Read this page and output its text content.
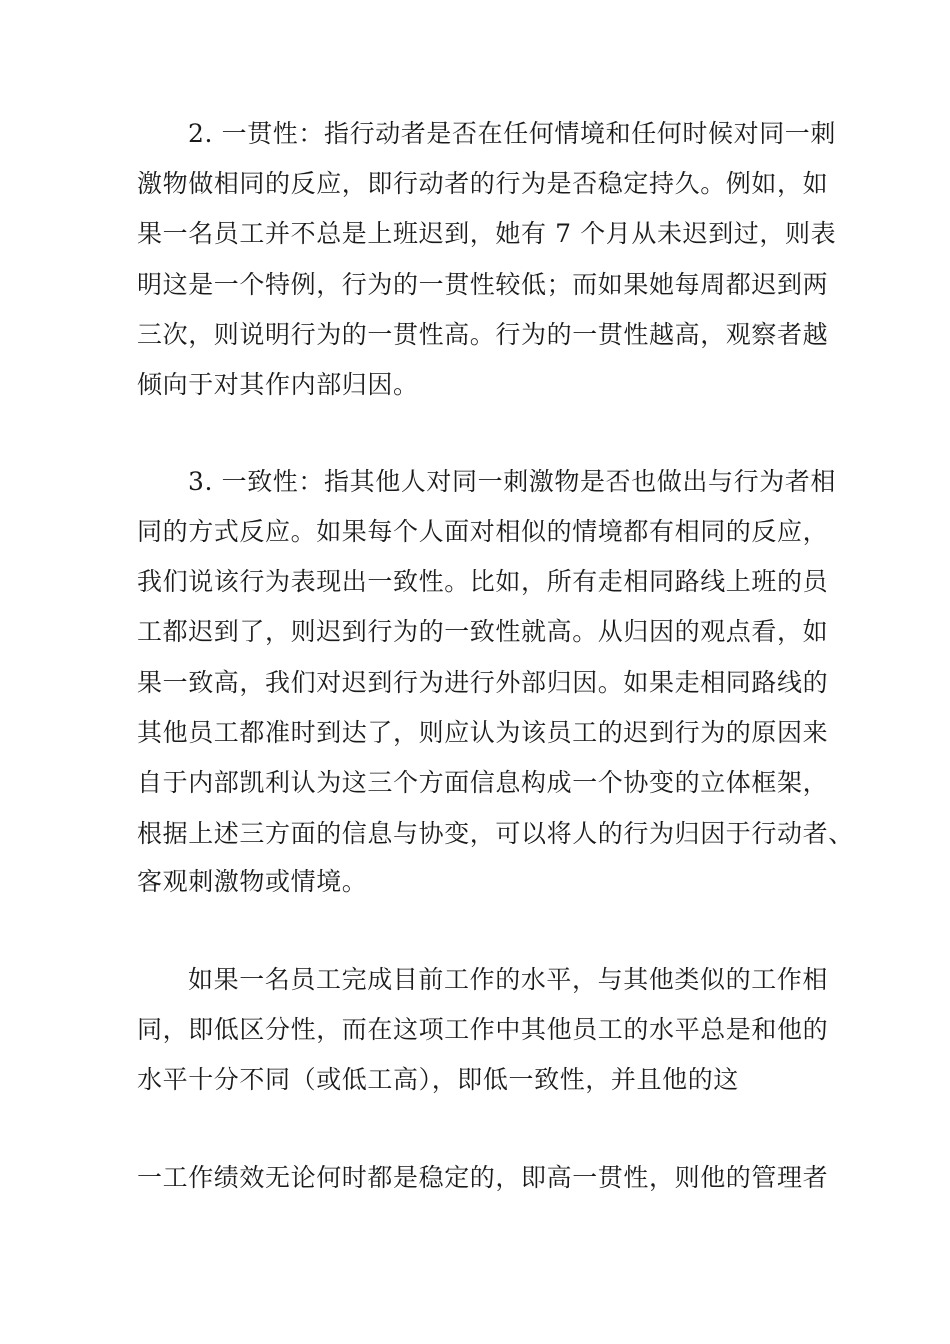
2. 一贯性：指行动者是否在任何情境和任何时候对同一刺
激物做相同的反应，即行动者的行为是否稳定持久。例如，如
果一名员工并不总是上班迟到，她有 7 个月从未迟到过，则表
明这是一个特例，行为的一贯性较低；而如果她每周都迟到两
三次，则说明行为的一贯性高。行为的一贯性越高，观察者越
倾向于对其作内部归因。
3. 一致性：指其他人对同一刺激物是否也做出与行为者相
同的方式反应。如果每个人面对相似的情境都有相同的反应，
我们说该行为表现出一致性。比如，所有走相同路线上班的员
工都迟到了，则迟到行为的一致性就高。从归因的观点看，如
果一致高，我们对迟到行为进行外部归因。如果走相同路线的
其他员工都准时到达了，则应认为该员工的迟到行为的原因来
自于内部凯利认为这三个方面信息构成一个协变的立体框架，
根据上述三方面的信息与协变，可以将人的行为归因于行动者、
客观刺激物或情境。
如果一名员工完成目前工作的水平，与其他类似的工作相
同，即低区分性，而在这项工作中其他员工的水平总是和他的
水平十分不同（或低工高），即低一致性，并且他的这
一工作绩效无论何时都是稳定的，即高一贯性，则他的管理者
